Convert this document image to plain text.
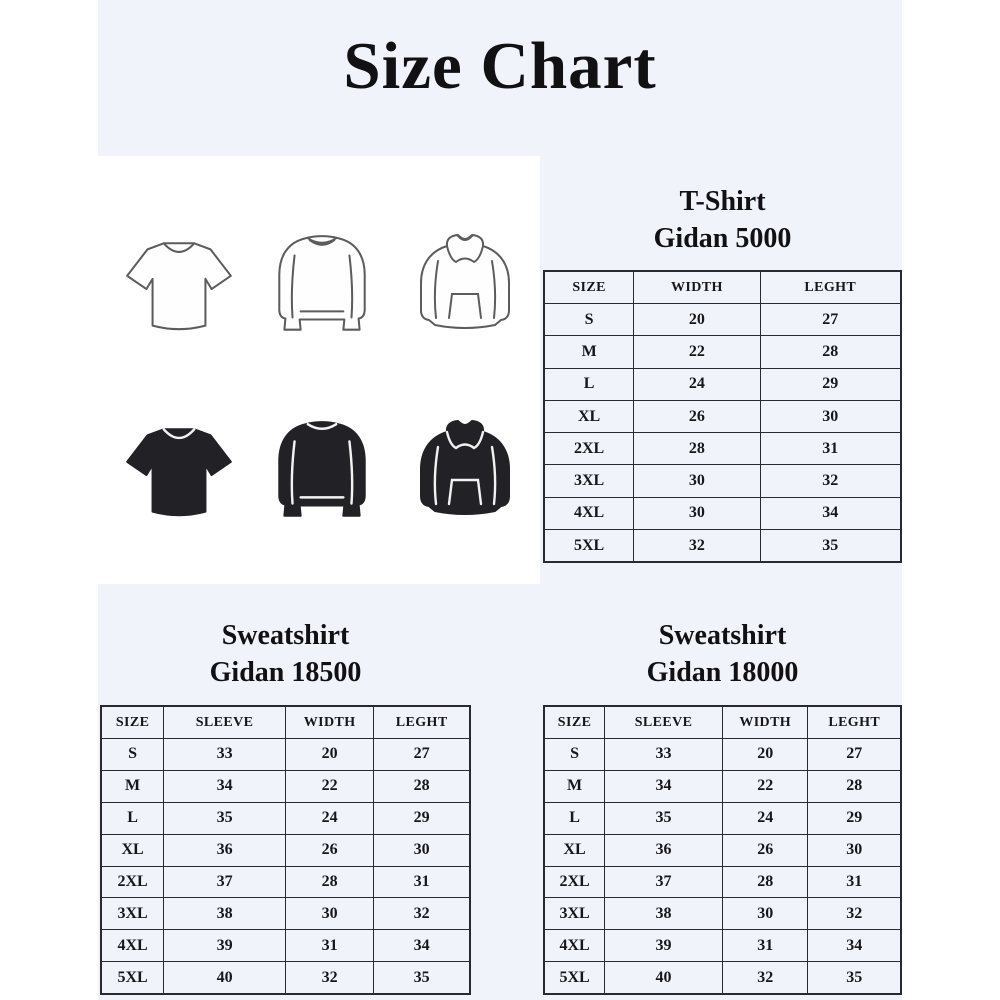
Size Chart
T-Shirt
Gidan 5000
SIZE	WIDTH	LEGHT
S	20	27
M	22	28
L	24	29
XL	26	30
2XL	28	31
3XL	30	32
4XL	30	34
5XL	32	35
Sweatshirt
Gidan 18500
SIZE	SLEEVE	WIDTH	LEGHT
S	33	20	27
M	34	22	28
L	35	24	29
XL	36	26	30
2XL	37	28	31
3XL	38	30	32
4XL	39	31	34
5XL	40	32	35
Sweatshirt
Gidan 18000
SIZE	SLEEVE	WIDTH	LEGHT
S	33	20	27
M	34	22	28
L	35	24	29
XL	36	26	30
2XL	37	28	31
3XL	38	30	32
4XL	39	31	34
5XL	40	32	35
